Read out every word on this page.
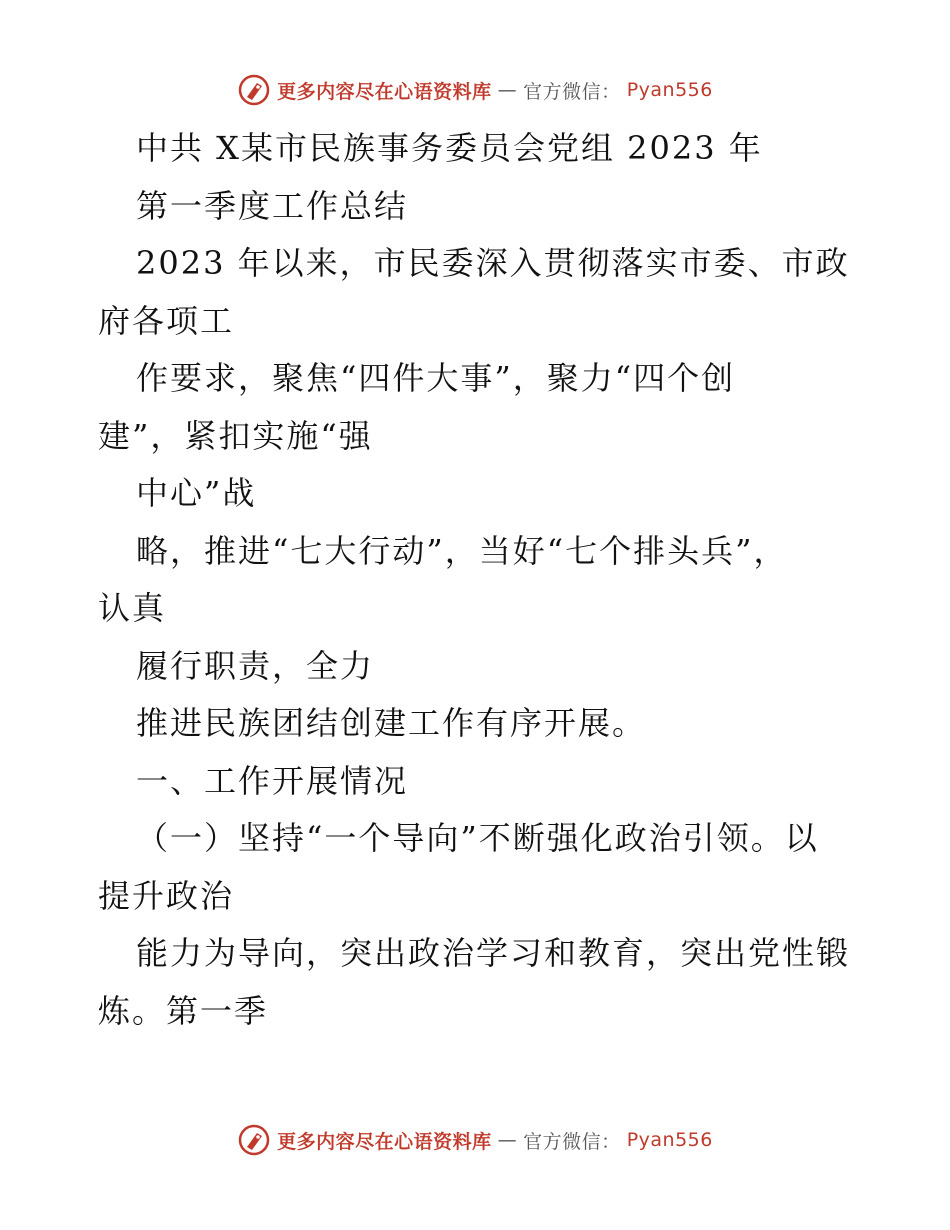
更多内容尽在心语资料库 — 官方微信： Pyan556
中共 X某市民族事务委员会党组 2023 年
第一季度工作总结
2023 年以来，市民委深入贯彻落实市委、市政
府各项工
作要求，聚焦“四件大事”，聚力“四个创
建”，紧扣实施“强
中心”战
略，推进“七大行动”，当好“七个排头兵”，
认真
履行职责，全力
推进民族团结创建工作有序开展。
一、工作开展情况
（一）坚持“一个导向”不断强化政治引领。以
提升政治
能力为导向，突出政治学习和教育，突出党性锻
炼。第一季
更多内容尽在心语资料库 — 官方微信： Pyan556
